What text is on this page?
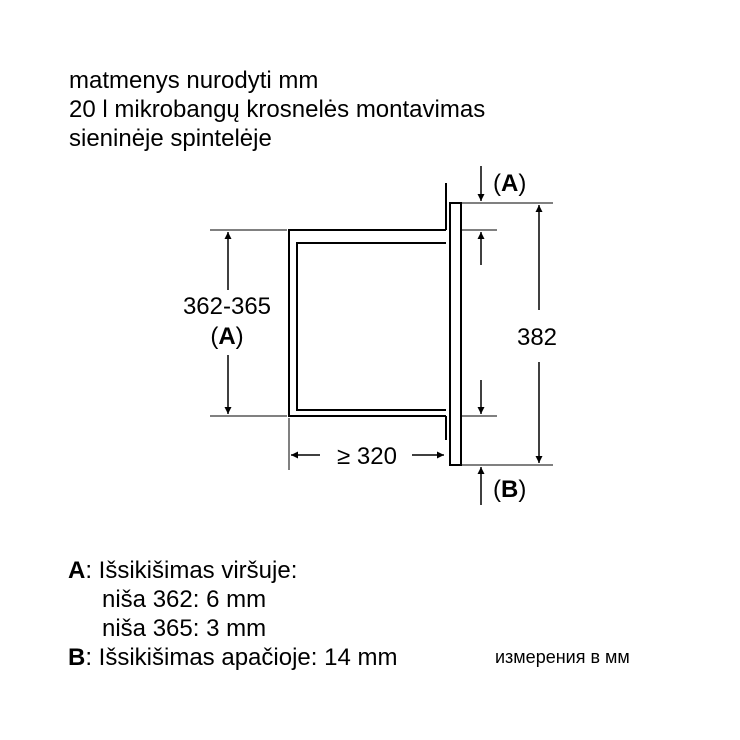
matmenys nurodyti mm
20 l mikrobangų krosnelės montavimas
sieninėje spintelėje
362-365
(A)
≥ 320
382
(A)
(B)
A: Išsikišimas viršuje:
niša 362: 6 mm
niša 365: 3 mm
B: Išsikišimas apačioje: 14 mm	измерения в мм
